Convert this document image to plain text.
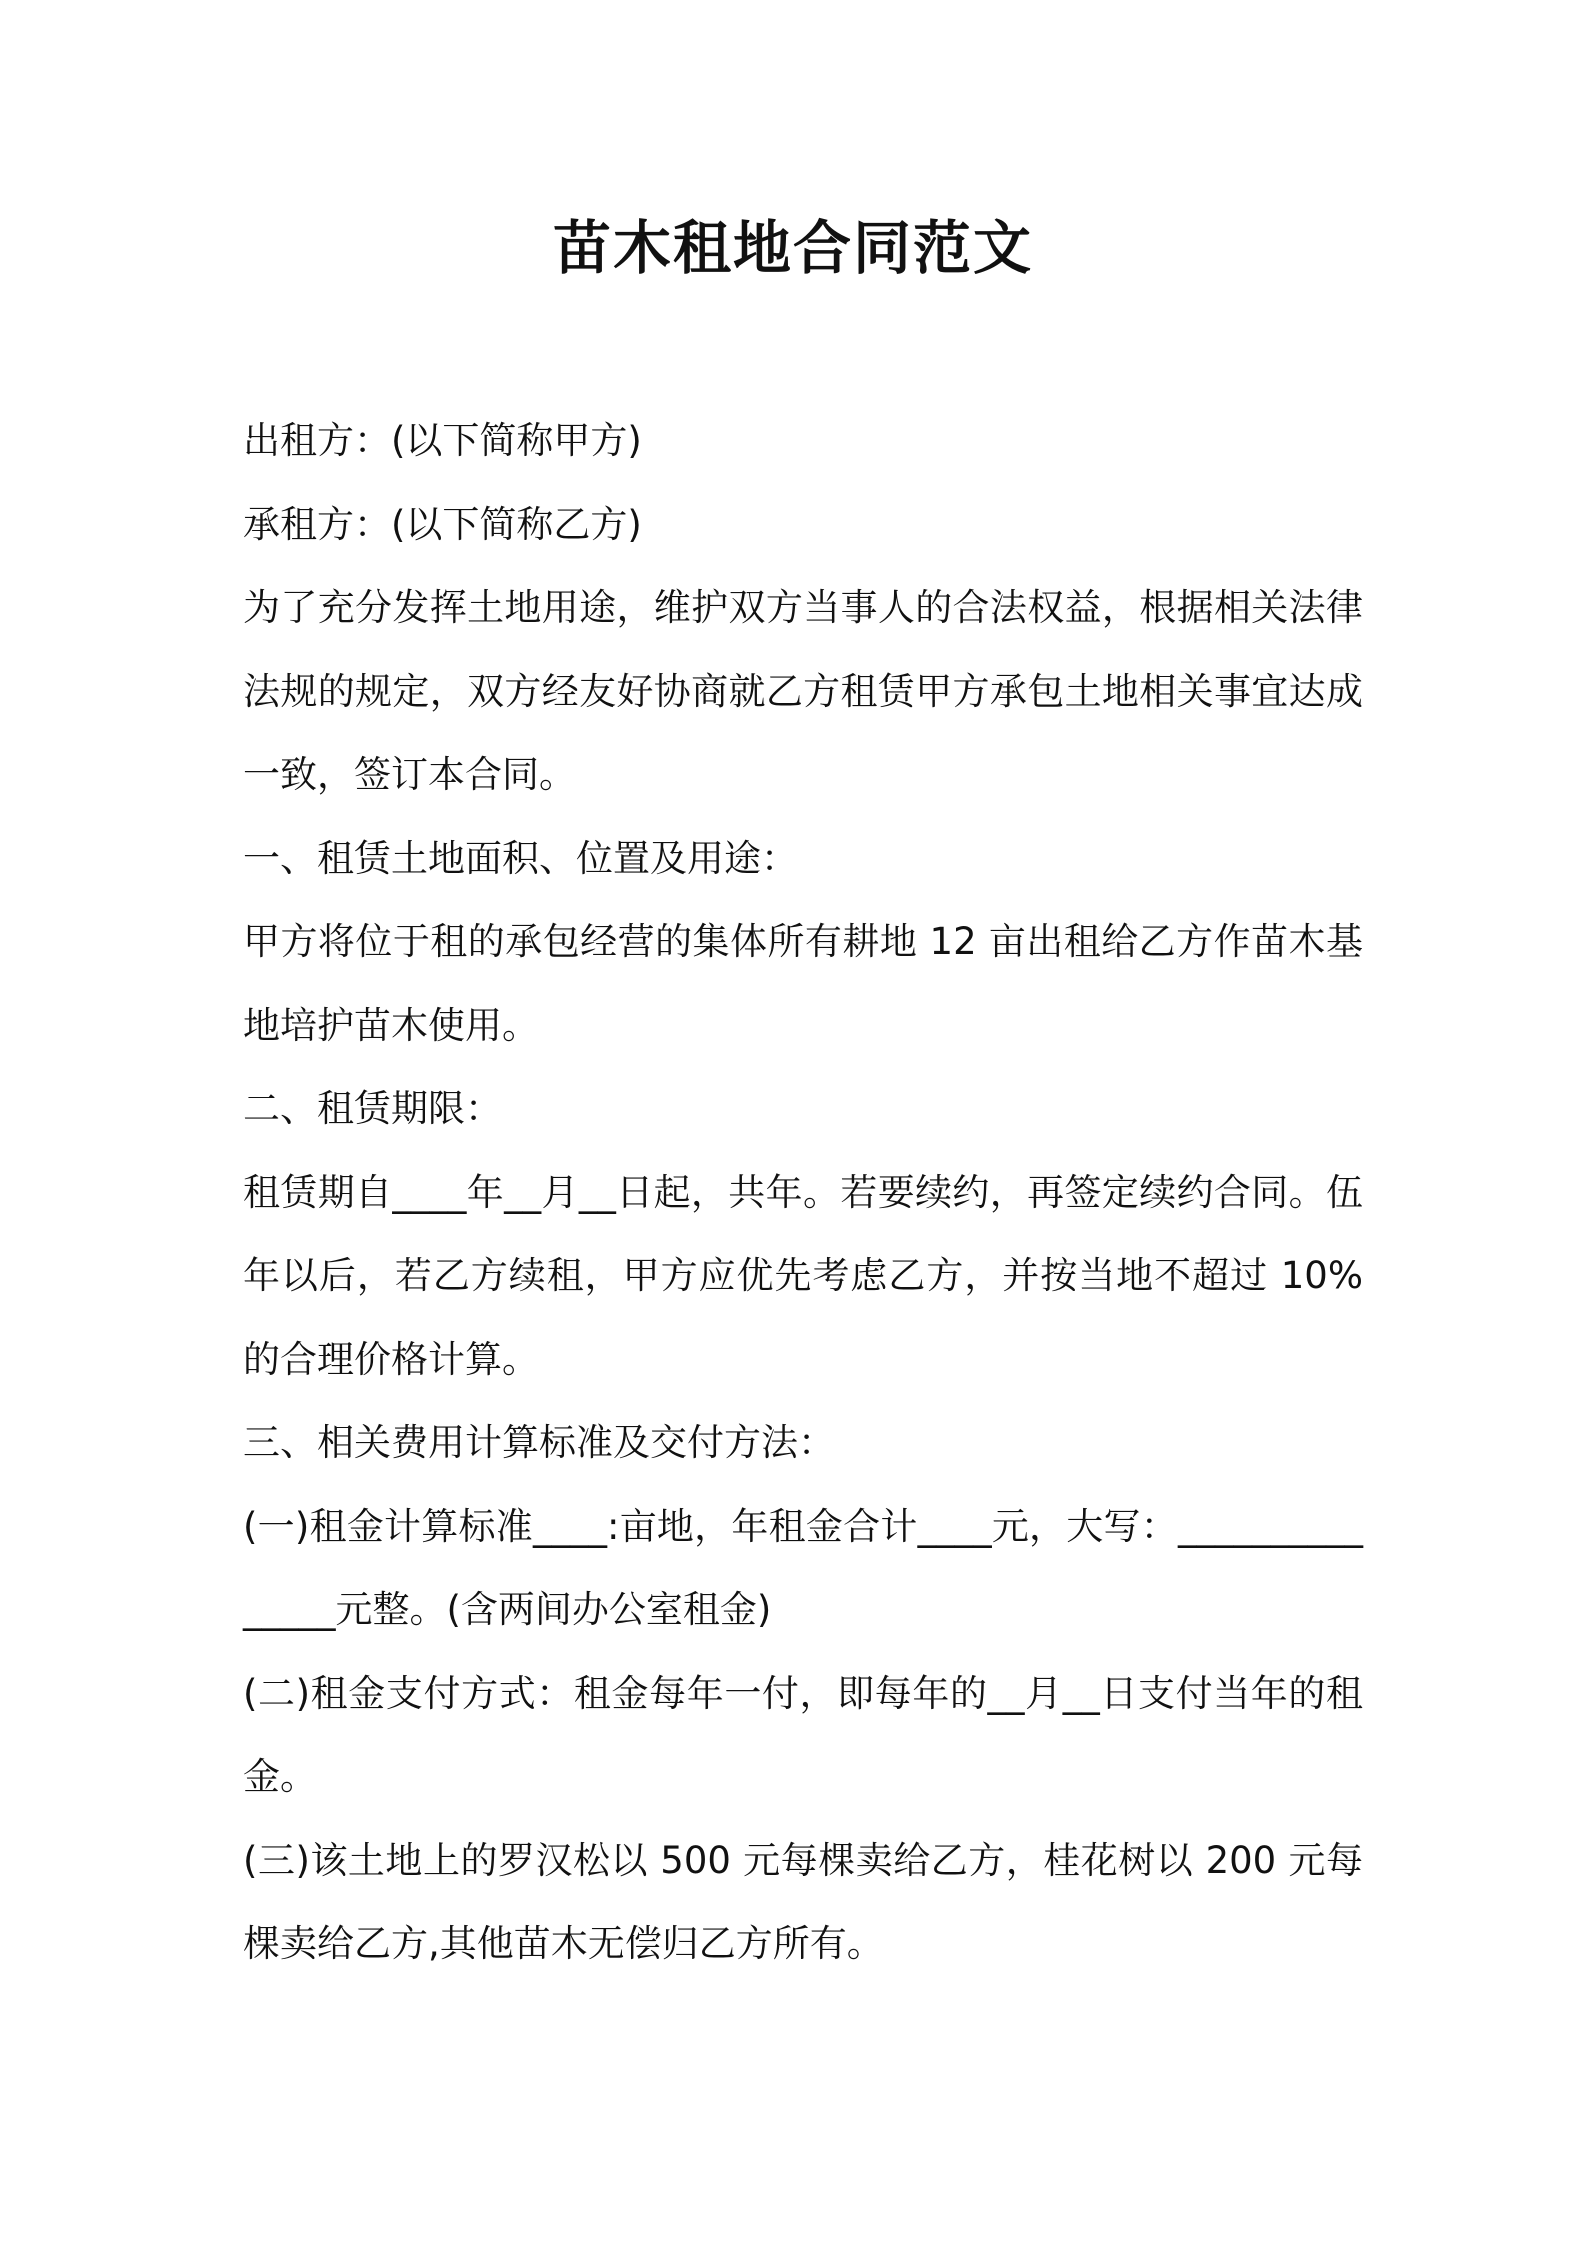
苗木租地合同范文

出租方：(以下简称甲方)

承租方：(以下简称乙方)

为了充分发挥土地用途，维护双方当事人的合法权益，根据相关法律法规的规定，双方经友好协商就乙方租赁甲方承包土地相关事宜达成一致，签订本合同。

一、租赁土地面积、位置及用途：

甲方将位于租的承包经营的集体所有耕地 12 亩出租给乙方作苗木基地培护苗木使用。

二、租赁期限：

租赁期自____年__月__日起，共年。若要续约，再签定续约合同。伍年以后，若乙方续租，甲方应优先考虑乙方，并按当地不超过 10%的合理价格计算。

三、相关费用计算标准及交付方法：

(一)租金计算标准____:亩地，年租金合计____元，大写：_______________元整。(含两间办公室租金)

(二)租金支付方式：租金每年一付，即每年的__月__日支付当年的租金。

(三)该土地上的罗汉松以 500 元每棵卖给乙方，桂花树以 200 元每棵卖给乙方,其他苗木无偿归乙方所有。
